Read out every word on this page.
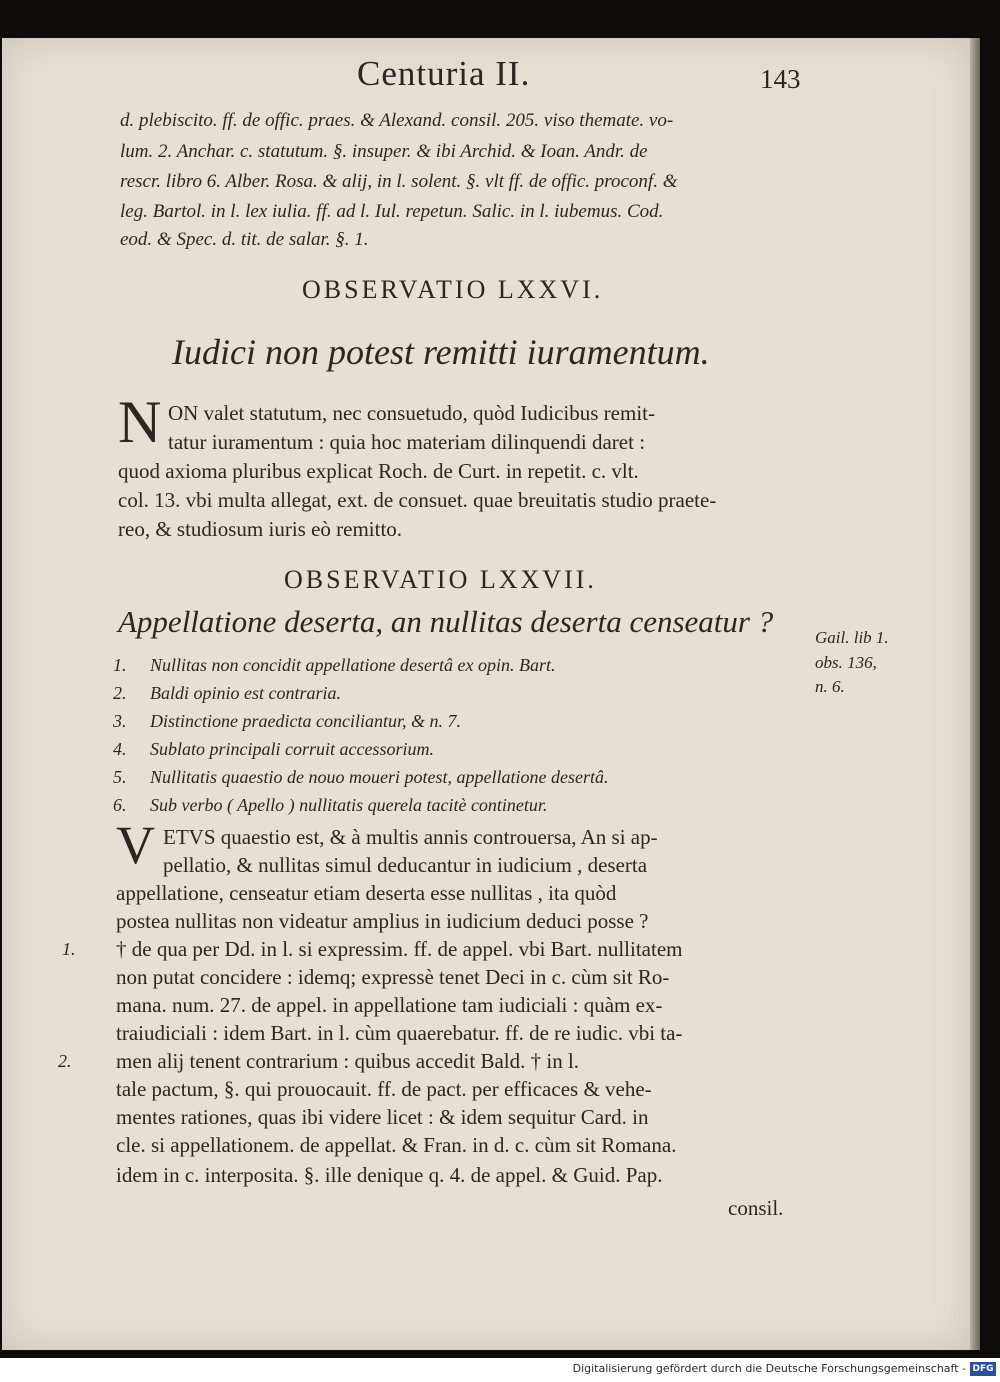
Centuria II.	143
d. plebiscito. ff. de offic. praes. & Alexand. consil. 205. viso themate. vo-
lum. 2. Anchar. c. statutum. §. insuper. & ibi Archid. & Ioan. Andr. de
rescr. libro 6. Alber. Rosa. & alij, in l. solent. §. vlt ff. de offic. proconf. &
leg. Bartol. in l. lex iulia. ff. ad l. Iul. repetun. Salic. in l. iubemus. Cod.
eod. & Spec. d. tit. de salar. §. 1.
OBSERVATIO LXXVI.
Iudici non potest remitti iuramentum.
N ON valet statutum, nec consuetudo, quòd Iudicibus remit-
tatur iuramentum : quia hoc materiam dilinquendi daret :
quod axioma pluribus explicat Roch. de Curt. in repetit. c. vlt.
col. 13. vbi multa allegat, ext. de consuet. quae breuitatis studio praete-
reo, & studiosum iuris eò remitto.
OBSERVATIO LXXVII.
Appellatione deserta, an nullitas deserta censeatur ? Gail. lib 1.
obs. 136,
n. 6.
1. Nullitas non concidit appellatione desertâ ex opin. Bart.
2. Baldi opinio est contraria.
3. Distinctione praedicta conciliantur, & n. 7.
4. Sublato principali corruit accessorium.
5. Nullitatis quaestio de nouo moueri potest, appellatione desertâ.
6. Sub verbo ( Apello ) nullitatis querela tacitè continetur.
V ETVS quaestio est, & à multis annis controuersa, An si ap-
pellatio, & nullitas simul deducantur in iudicium , deserta
appellatione, censeatur etiam deserta esse nullitas , ita quòd
postea nullitas non videatur amplius in iudicium deduci posse ?
† de qua per Dd. in l. si expressim. ff. de appel. vbi Bart. nullitatem
non putat concidere : idemq; expressè tenet Deci in c. cùm sit Ro-
mana. num. 27. de appel. in appellatione tam iudiciali : quàm ex-
traiudiciali : idem Bart. in l. cùm quaerebatur. ff. de re iudic. vbi ta-
men alij tenent contrarium : quibus accedit Bald. † in l.
tale pactum, §. qui prouocauit. ff. de pact. per efficaces & vehe-
mentes rationes, quas ibi videre licet : & idem sequitur Card. in
cle. si appellationem. de appellat. & Fran. in d. c. cùm sit Romana.
idem in c. interposita. §. ille denique q. 4. de appel. & Guid. Pap.
1.
2.
consil.
Digitalisierung gefördert durch die Deutsche Forschungsgemeinschaft - DFG
